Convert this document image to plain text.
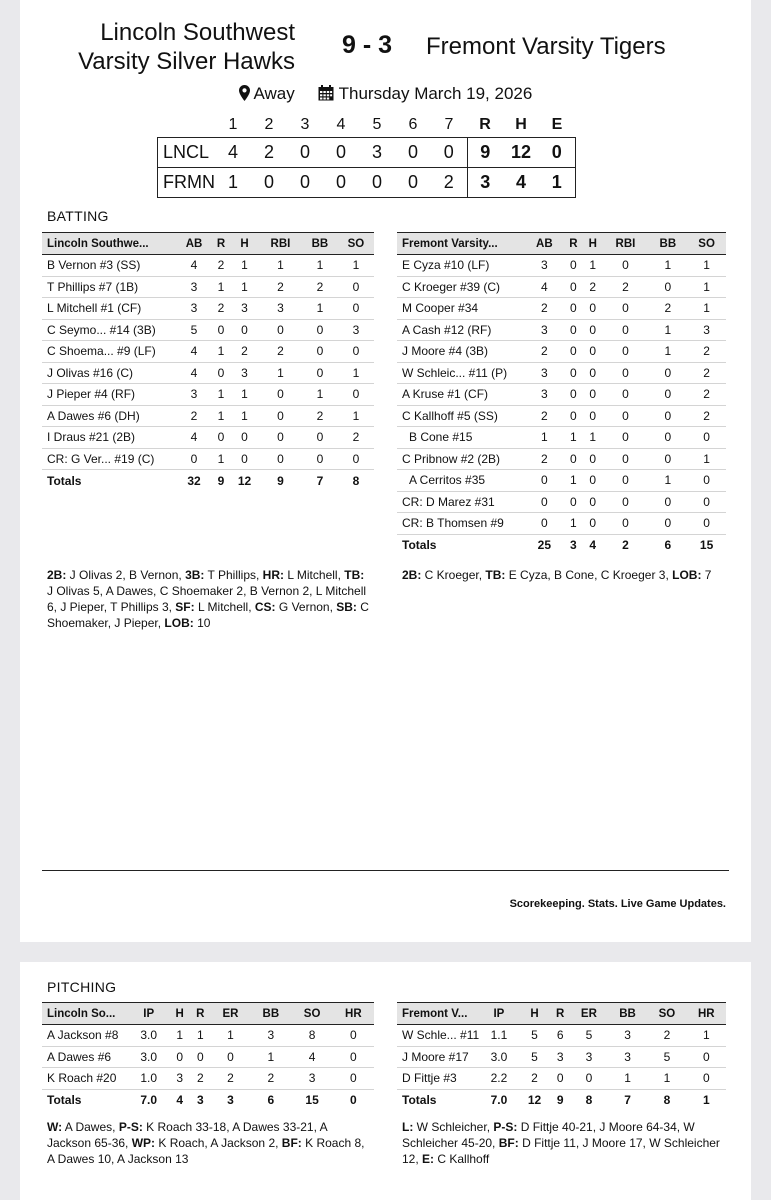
Lincoln Southwest
Varsity Silver Hawks
9 - 3 Fremont Varsity Tigers
Away	Thursday March 19, 2026
	1	2	3	4	5	6	7	R	H	E
LNCL	4	2	0	0	3	0	0	9	12	0
FRMN	1	0	0	0	0	0	2	3	4	1
BATTING
Lincoln Southwe...	AB	R	H	RBI	BB	SO
B Vernon #3 (SS)	4	2	1	1	1	1
T Phillips #7 (1B)	3	1	1	2	2	0
L Mitchell #1 (CF)	3	2	3	3	1	0
C Seymo... #14 (3B)	5	0	0	0	0	3
C Shoema... #9 (LF)	4	1	2	2	0	0
J Olivas #16 (C)	4	0	3	1	0	1
J Pieper #4 (RF)	3	1	1	0	1	0
A Dawes #6 (DH)	2	1	1	0	2	1
I Draus #21 (2B)	4	0	0	0	0	2
CR: G Ver... #19 (C)	0	1	0	0	0	0
Totals	32	9	12	9	7	8
Fremont Varsity...	AB	R	H	RBI	BB	SO
E Cyza #10 (LF)	3	0	1	0	1	1
C Kroeger #39 (C)	4	0	2	2	0	1
M Cooper #34	2	0	0	0	2	1
A Cash #12 (RF)	3	0	0	0	1	3
J Moore #4 (3B)	2	0	0	0	1	2
W Schleic... #11 (P)	3	0	0	0	0	2
A Kruse #1 (CF)	3	0	0	0	0	2
C Kallhoff #5 (SS)	2	0	0	0	0	2
B Cone #15	1	1	1	0	0	0
C Pribnow #2 (2B)	2	0	0	0	0	1
A Cerritos #35	0	1	0	0	1	0
CR: D Marez #31	0	0	0	0	0	0
CR: B Thomsen #9	0	1	0	0	0	0
Totals	25	3	4	2	6	15
2B: J Olivas 2, B Vernon, 3B: T Phillips, HR: L Mitchell, TB: J Olivas 5, A Dawes, C Shoemaker 2, B Vernon 2, L Mitchell 6, J Pieper, T Phillips 3, SF: L Mitchell, CS: G Vernon, SB: C Shoemaker, J Pieper, LOB: 10
2B: C Kroeger, TB: E Cyza, B Cone, C Kroeger 3, LOB: 7
Scorekeeping. Stats. Live Game Updates.
PITCHING
Lincoln So...	IP	H	R	ER	BB	SO	HR
A Jackson #8	3.0	1	1	1	3	8	0
A Dawes #6	3.0	0	0	0	1	4	0
K Roach #20	1.0	3	2	2	2	3	0
Totals	7.0	4	3	3	6	15	0
Fremont V...	IP	H	R	ER	BB	SO	HR
W Schle... #11	1.1	5	6	5	3	2	1
J Moore #17	3.0	5	3	3	3	5	0
D Fittje #3	2.2	2	0	0	1	1	0
Totals	7.0	12	9	8	7	8	1
W: A Dawes, P-S: K Roach 33-18, A Dawes 33-21, A Jackson 65-36, WP: K Roach, A Jackson 2, BF: K Roach 8, A Dawes 10, A Jackson 13
L: W Schleicher, P-S: D Fittje 40-21, J Moore 64-34, W Schleicher 45-20, BF: D Fittje 11, J Moore 17, W Schleicher 12, E: C Kallhoff
